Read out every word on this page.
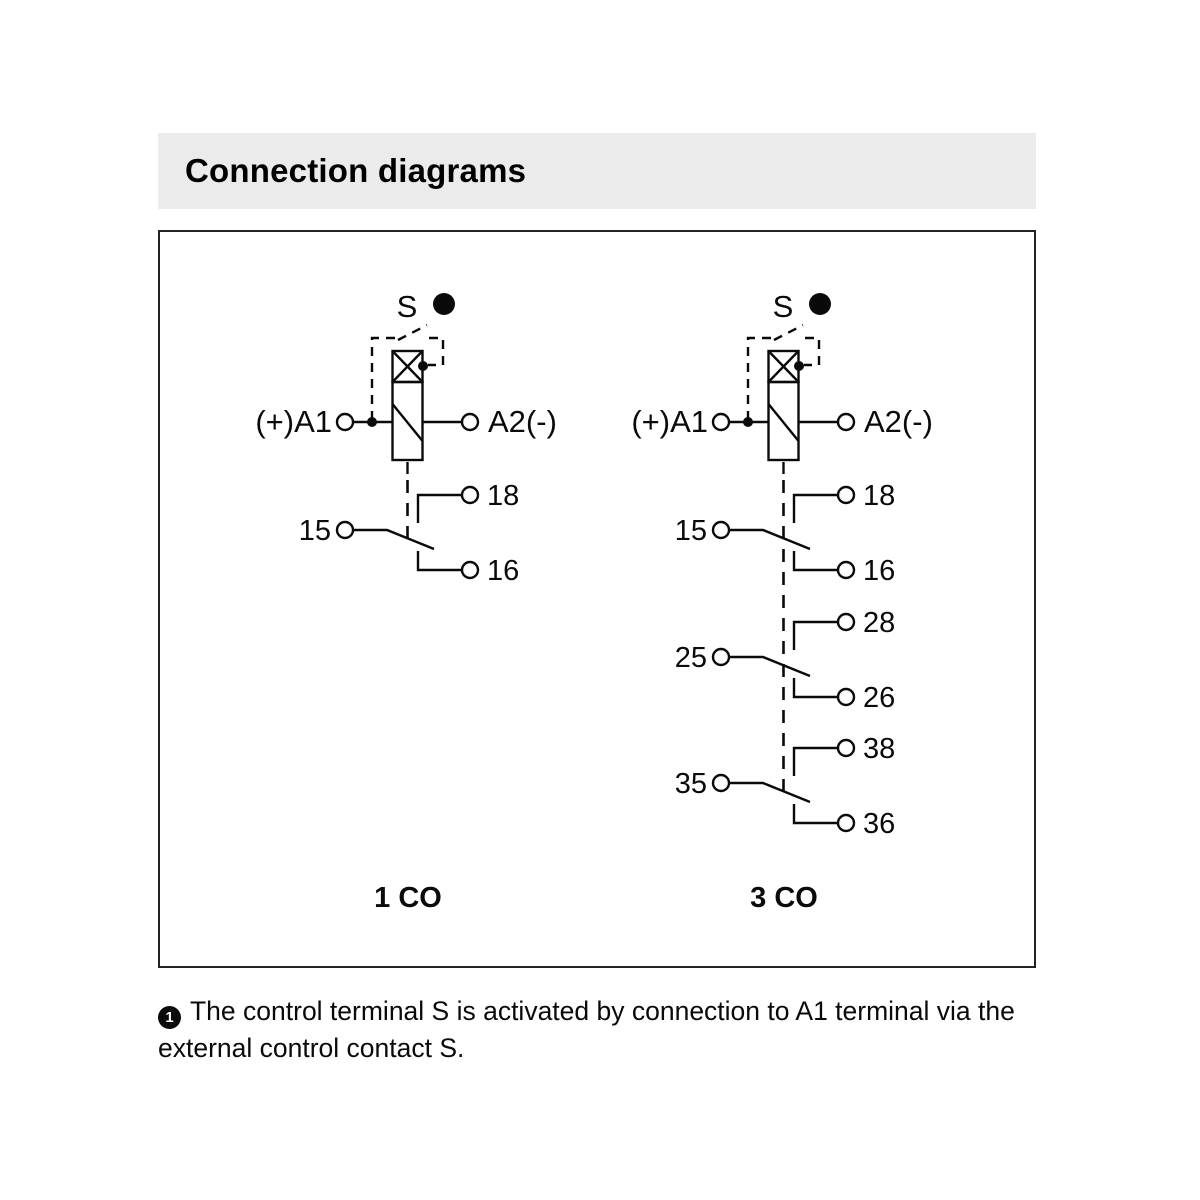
Connection diagrams
S 1
(+)A1	A2(-)
18
15
16
1 CO
S 1
(+)A1	A2(-)
18
15
16
28
25
26
38
35
36
3 CO
1 The control terminal S is activated by connection to A1 terminal via the
external control contact S.
